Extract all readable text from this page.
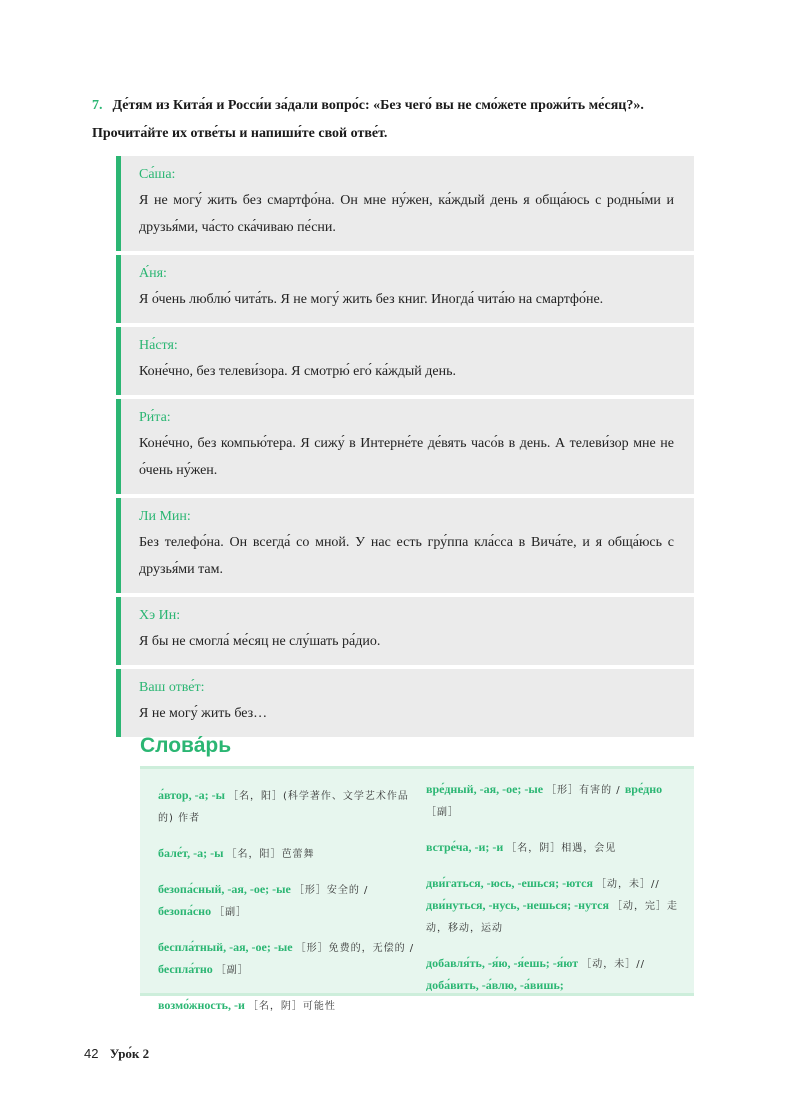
7. Де́тям из Кита́я и Росси́и за́дали вопро́с: «Без чего́ вы не смо́жете прожи́ть ме́сяц?».
Прочита́йте их отве́ты и напиши́те свой отве́т.
Са́ша:
Я не могу́ жить без смартфо́на. Он мне ну́жен, ка́ждый день я обща́юсь с родны́ми и друзья́ми, ча́сто ска́чиваю пе́сни.
А́ня:
Я о́чень люблю́ чита́ть. Я не могу́ жить без книг. Иногда́ чита́ю на смартфо́не.
На́стя:
Коне́чно, без телеви́зора. Я смотрю́ его́ ка́ждый день.
Ри́та:
Коне́чно, без компью́тера. Я сижу́ в Интерне́те де́вять часо́в в день. А телеви́зор мне не о́чень ну́жен.
Ли Мин:
Без телефо́на. Он всегда́ со мной. У нас есть гру́ппа кла́сса в Вича́те, и я обща́юсь с друзья́ми там.
Хэ Ин:
Я бы не смогла́ ме́сяц не слу́шать ра́дио.
Ваш отве́т:
Я не могу́ жить без…
Слова́рь
а́втор, -а; -ы ［名，阳］(科学著作、文学艺术作品的) 作者
бале́т, -а; -ы ［名，阳］芭蕾舞
безопа́сный, -ая, -ое; -ые ［形］安全的 / безопа́сно ［副］
беспла́тный, -ая, -ое; -ые ［形］免费的，无偿的 / беспла́тно ［副］
возмо́жность, -и ［名，阴］可能性
вре́дный, -ая, -ое; -ые ［形］有害的 / вре́дно ［副］
встре́ча, -и; -и ［名，阴］相遇，会见
дви́гаться, -юсь, -ешься; -ются ［动，未］//дви́нуться, -нусь, -нешься; -нутся ［动，完］走动，移动，运动
добавля́ть, -я́ю, -я́ешь; -я́ют ［动，未］//доба́вить, -а́влю, -а́вишь;
42 Уро́к 2
